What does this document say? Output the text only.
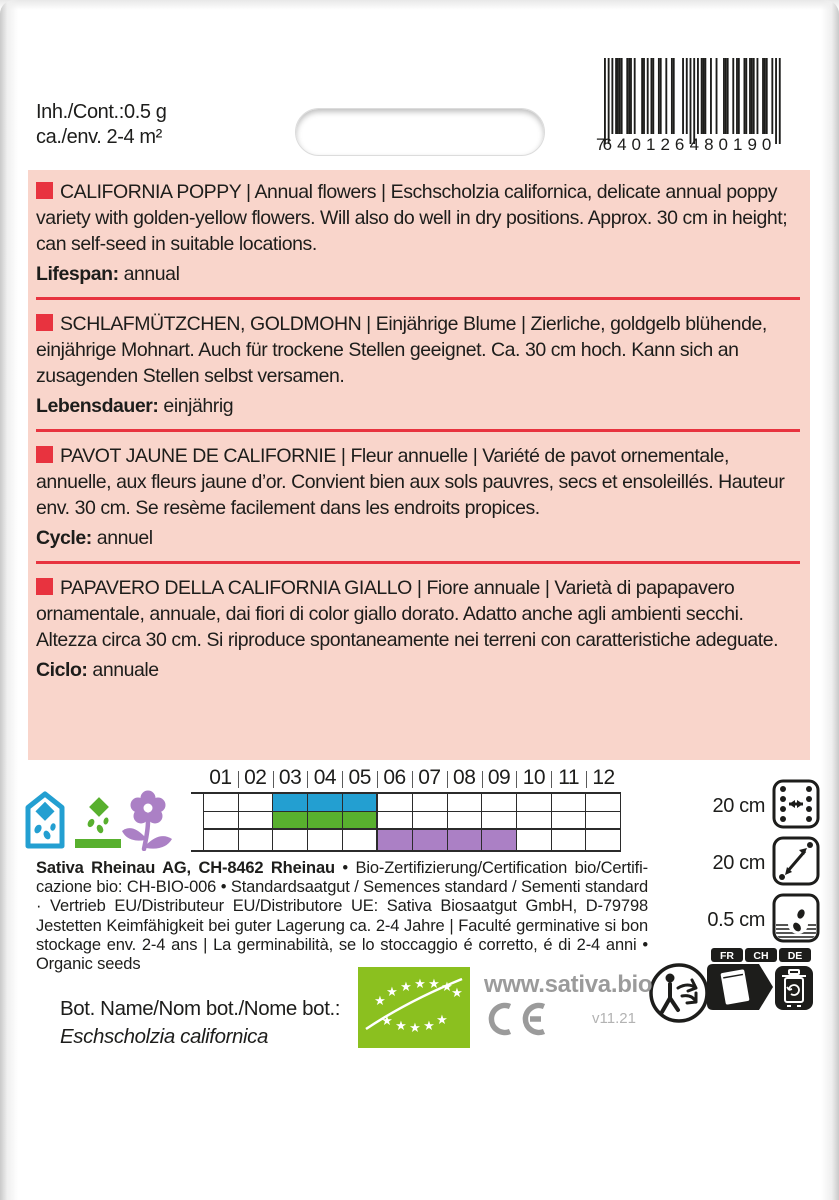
Inh./Cont.:0.5 g
ca./env. 2-4 m²	7
640126 480190
CALIFORNIA POPPY | Annual flowers | Eschscholzia californica, delicate annual poppy variety with golden-yellow flowers. Will also do well in dry positions. Approx. 30 cm in height; can self-seed in suitable locations.
Lifespan: annual
SCHLAFMÜTZCHEN, GOLDMOHN | Einjährige Blume | Zierliche, goldgelb blühende, einjährige Mohnart. Auch für trockene Stellen geeignet. Ca. 30 cm hoch. Kann sich an zusagenden Stellen selbst versamen.
Lebensdauer: einjährig
PAVOT JAUNE DE CALIFORNIE | Fleur annuelle | Variété de pavot ornementale, annuelle, aux fleurs jaune d’or. Convient bien aux sols pauvres, secs et ensoleillés. Hauteur env. 30 cm. Se resème facilement dans les endroits propices.
Cycle: annuel
PAPAVERO DELLA CALIFORNIA GIALLO | Fiore annuale | Varietà di papapavero ornamentale, annuale, dai fiori di color giallo dorato. Adatto anche agli ambienti secchi. Altezza circa 30 cm. Si riproduce spontaneamente nei terreni con caratteristiche adeguate.
Ciclo: annuale
01 02 03 04 05 06 07 08 09 10 11 12
20 cm
20 cm
0.5 cm
Sativa Rheinau AG, CH-8462 Rheinau • Bio-Zertifizierung/Certification bio/Certifi-cazione bio: CH-BIO-006 • Standardsaatgut / Semences standard / Sementi standard · Vertrieb EU/Distributeur EU/Distributore UE: Sativa Biosaatgut GmbH, D-79798 Jestetten Keimfähigkeit bei guter Lagerung ca. 2-4 Jahre | Faculté germinative si bon stockage env. 2-4 ans | La germinabilità, se lo stoccaggio é corretto, é di 2-4 anni • Organic seeds	FR CH DE
Bot. Name/Nom bot./Nome bot.:
Eschscholzia californica
★
★ ★ ★ ★ ★
★
★ ★ ★ ★ ★
www.sativa.bio
v11.21
